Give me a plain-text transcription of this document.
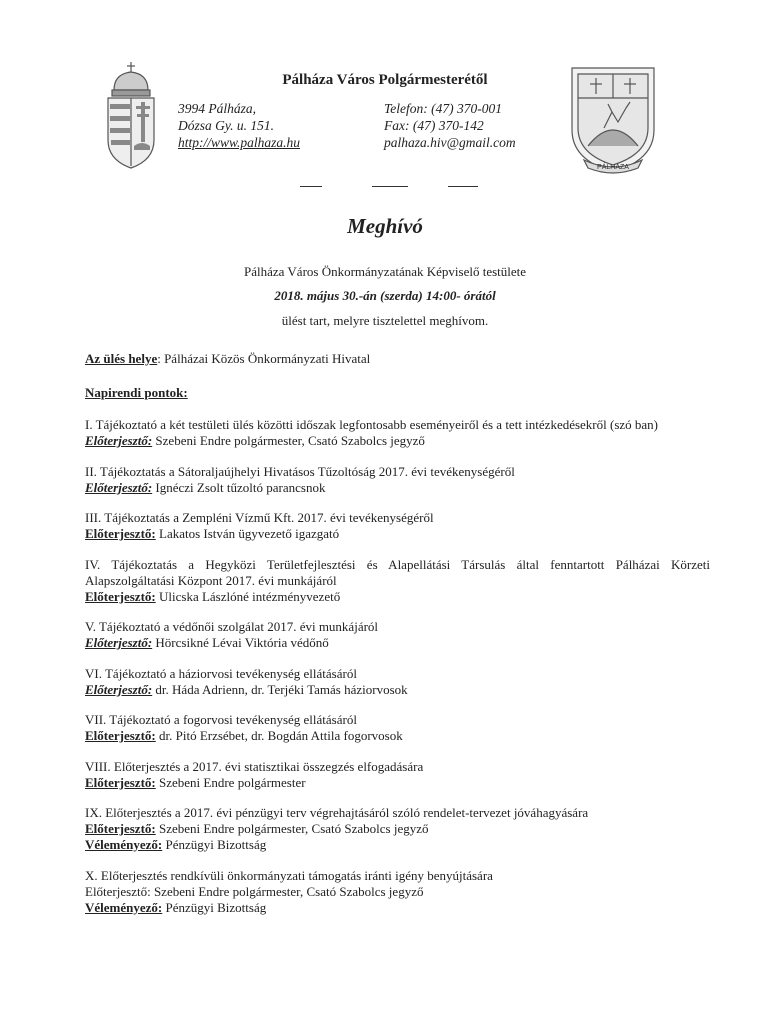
Pálháza Város Polgármesterétől
3994 Pálháza,
Dózsa Gy. u. 151.
http://www.palhaza.hu
Telefon: (47) 370-001
Fax: (47) 370-142
palhaza.hiv@gmail.com
PÁLHÁZA
Meghívó
Pálháza Város Önkormányzatának Képviselő testülete
2018. május 30.-án (szerda) 14:00- órától
ülést tart, melyre tisztelettel meghívom.
Az ülés helye: Pálházai Közös Önkormányzati Hivatal
Napirendi pontok:

I. Tájékoztató a két testületi ülés közötti időszak legfontosabb eseményeiről és a tett intézkedésekről (szó ban)

Előterjesztő: Szebeni Endre polgármester, Csató Szabolcs jegyző

II. Tájékoztatás a Sátoraljaújhelyi Hivatásos Tűzoltóság 2017. évi tevékenységéről

Előterjesztő: Ignéczi Zsolt tűzoltó parancsnok

III. Tájékoztatás a Zempléni Vízmű Kft. 2017. évi tevékenységéről

Előterjesztő: Lakatos István ügyvezető igazgató

IV. Tájékoztatás a Hegyközi Területfejlesztési és Alapellátási Társulás által fenntartott Pálházai Körzeti Alapszolgáltatási Központ 2017. évi munkájáról

Előterjesztő: Ulicska Lászlóné intézményvezető

V. Tájékoztató a védőnői szolgálat 2017. évi munkájáról

Előterjesztő: Hörcsikné Lévai Viktória védőnő

VI. Tájékoztató a háziorvosi tevékenység ellátásáról

Előterjesztő: dr. Háda Adrienn, dr. Terjéki Tamás háziorvosok

VII. Tájékoztató a fogorvosi tevékenység ellátásáról

Előterjesztő: dr. Pitó Erzsébet, dr. Bogdán Attila fogorvosok

VIII. Előterjesztés a 2017. évi statisztikai összegzés elfogadására

Előterjesztő: Szebeni Endre polgármester

IX. Előterjesztés a 2017. évi pénzügyi terv végrehajtásáról szóló rendelet-tervezet jóváhagyására

Előterjesztő: Szebeni Endre polgármester, Csató Szabolcs jegyző

Véleményező: Pénzügyi Bizottság

X. Előterjesztés rendkívüli önkormányzati támogatás iránti igény benyújtására

Előterjesztő: Szebeni Endre polgármester, Csató Szabolcs jegyző

Véleményező: Pénzügyi Bizottság
